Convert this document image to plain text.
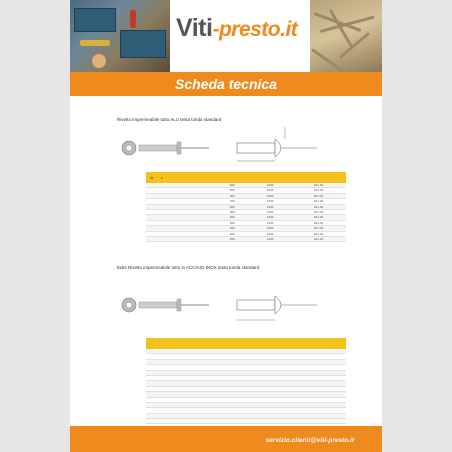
Viti-presto.it
Scheda tecnica
Rivetto impermeabile tutto ALU testa tonda standard
Ø	L								
							500	1000	021-04
							500	1000	021-04
							500	1000	021-04
							750	1000	021-04
							500	1000	021-04
							500	1000	021-04
							250	1000	021-04
							250	1000	021-04
							250	1000	021-04
							250	1000	021-04
							250	1000	021-04
8x54 Rivetto impermeabile tutto in ACCIAIO INOX testa tonda standard

servizio.clienti@viti-presto.it
